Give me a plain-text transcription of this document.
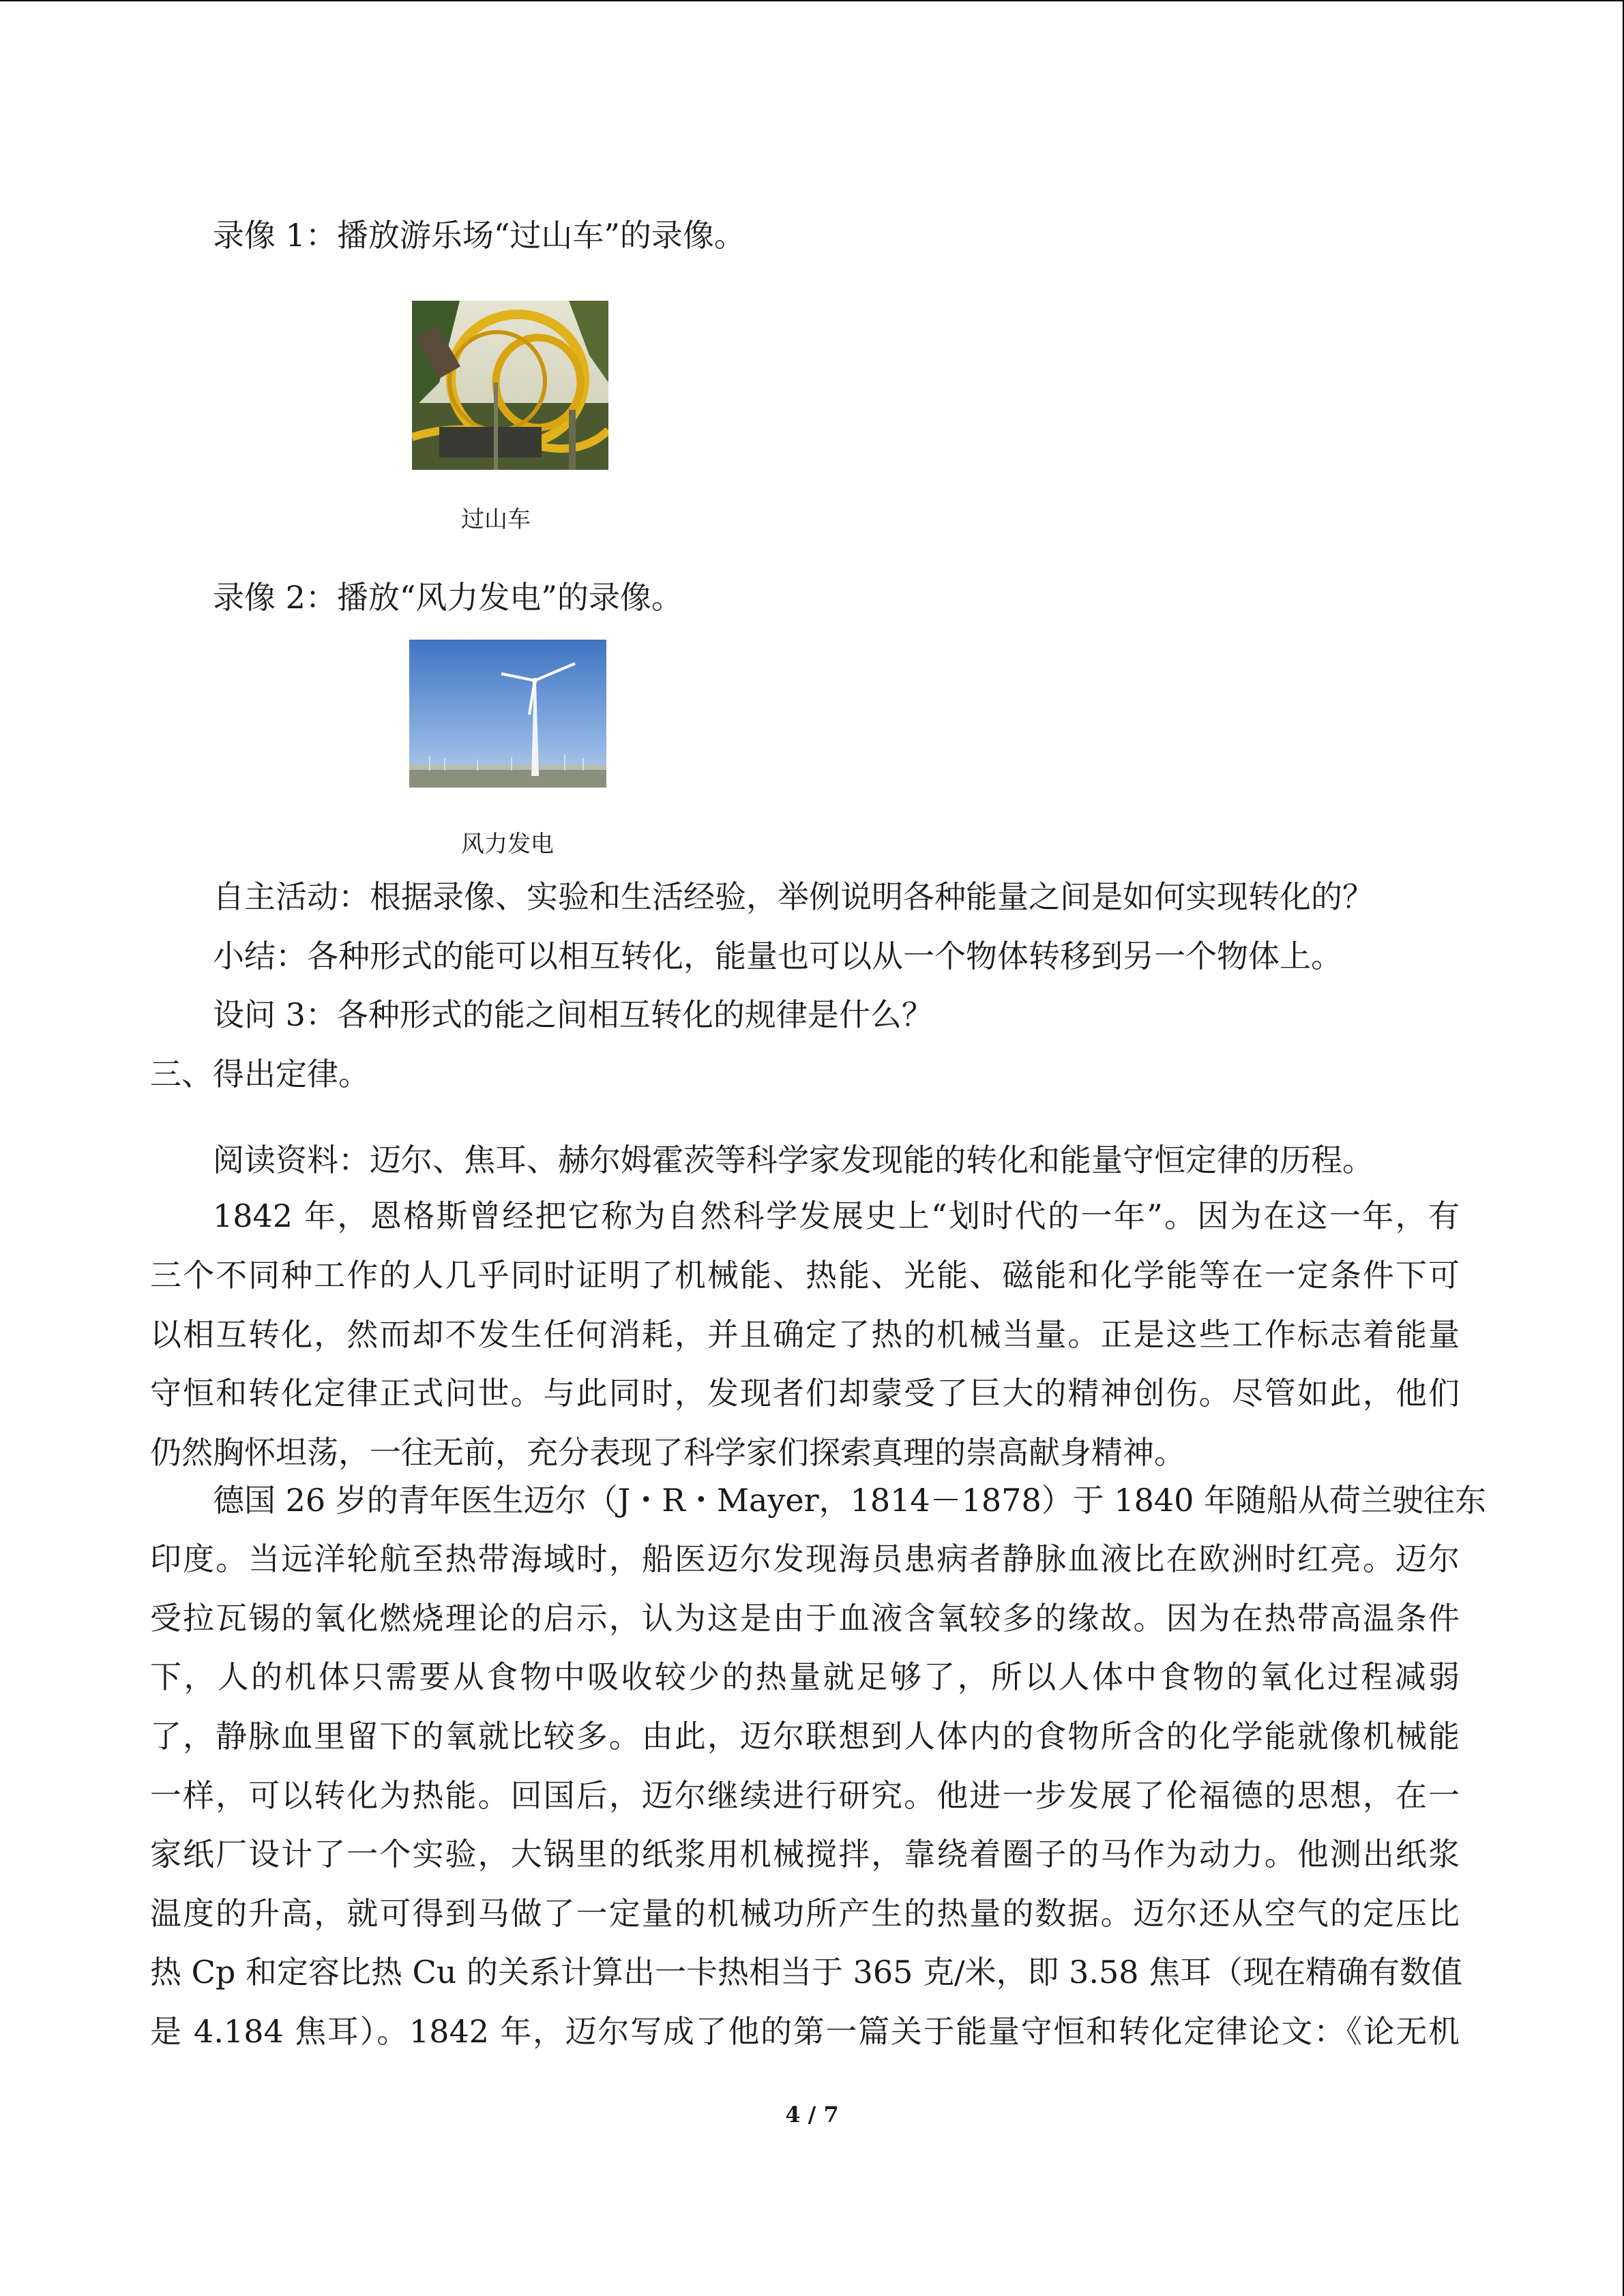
录像 1：播放游乐场“过山车”的录像。
过山车
录像 2：播放“风力发电”的录像。
风力发电
自主活动：根据录像、实验和生活经验，举例说明各种能量之间是如何实现转化的？
小结：各种形式的能可以相互转化，能量也可以从一个物体转移到另一个物体上。
设问 3：各种形式的能之间相互转化的规律是什么？
三、得出定律。
阅读资料：迈尔、焦耳、赫尔姆霍茨等科学家发现能的转化和能量守恒定律的历程。
1842 年，恩格斯曾经把它称为自然科学发展史上“划时代的一年”。因为在这一年，有
三个不同种工作的人几乎同时证明了机械能、热能、光能、磁能和化学能等在一定条件下可
以相互转化，然而却不发生任何消耗，并且确定了热的机械当量。正是这些工作标志着能量
守恒和转化定律正式问世。与此同时，发现者们却蒙受了巨大的精神创伤。尽管如此，他们
仍然胸怀坦荡，一往无前，充分表现了科学家们探索真理的崇高献身精神。
德国 26 岁的青年医生迈尔（J・R・Mayer，1814－1878）于 1840 年随船从荷兰驶往东
印度。当远洋轮航至热带海域时，船医迈尔发现海员患病者静脉血液比在欧洲时红亮。迈尔
受拉瓦锡的氧化燃烧理论的启示，认为这是由于血液含氧较多的缘故。因为在热带高温条件
下，人的机体只需要从食物中吸收较少的热量就足够了，所以人体中食物的氧化过程减弱
了，静脉血里留下的氧就比较多。由此，迈尔联想到人体内的食物所含的化学能就像机械能
一样，可以转化为热能。回国后，迈尔继续进行研究。他进一步发展了伦福德的思想，在一
家纸厂设计了一个实验，大锅里的纸浆用机械搅拌，靠绕着圈子的马作为动力。他测出纸浆
温度的升高，就可得到马做了一定量的机械功所产生的热量的数据。迈尔还从空气的定压比
热 Cp 和定容比热 Cu 的关系计算出一卡热相当于 365 克/米，即 3.58 焦耳（现在精确有数值
是 4.184 焦耳）。1842 年，迈尔写成了他的第一篇关于能量守恒和转化定律论文：《论无机
4 / 7
